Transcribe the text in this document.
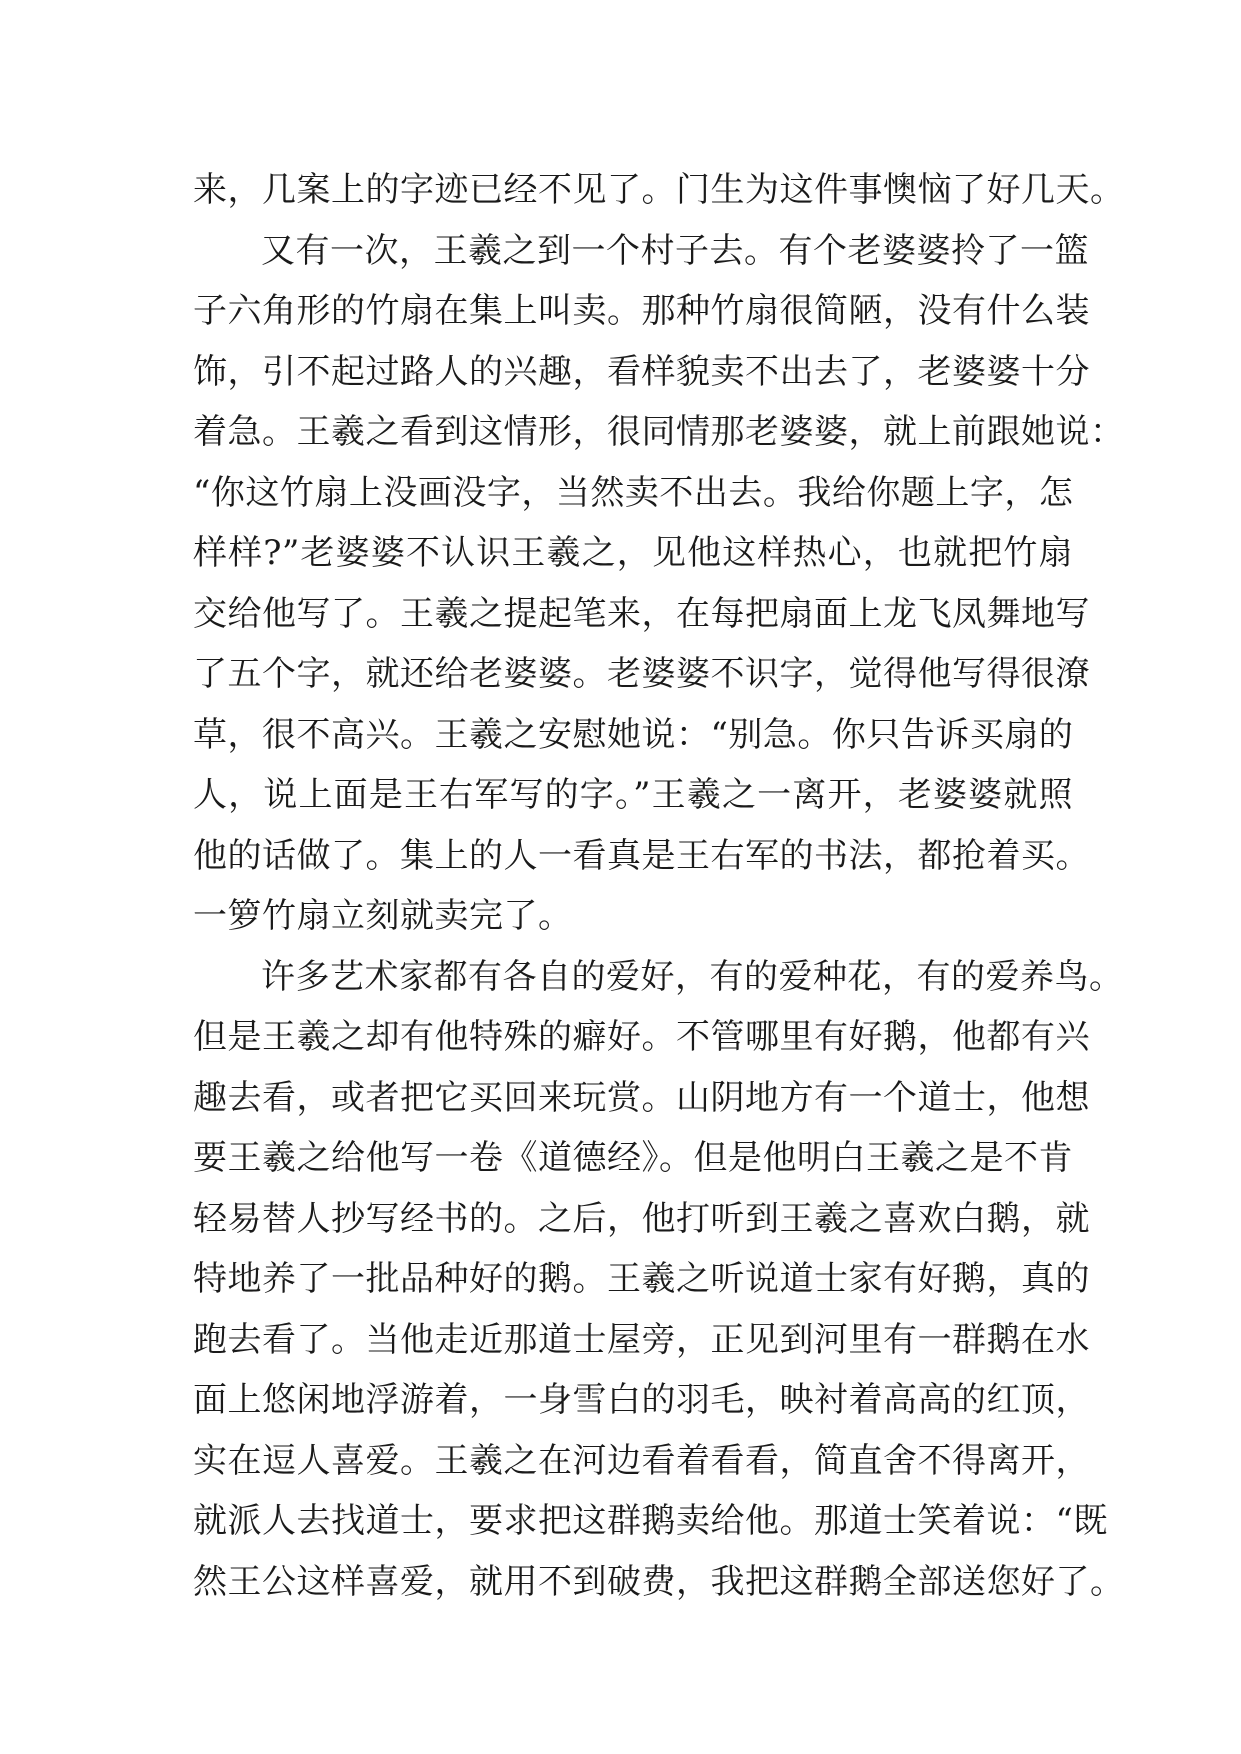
来，几案上的字迹已经不见了。门生为这件事懊恼了好几天。
又有一次，王羲之到一个村子去。有个老婆婆拎了一篮
子六角形的竹扇在集上叫卖。那种竹扇很简陋，没有什么装
饰，引不起过路人的兴趣，看样貌卖不出去了，老婆婆十分
着急。王羲之看到这情形，很同情那老婆婆，就上前跟她说：
“你这竹扇上没画没字，当然卖不出去。我给你题上字，怎
样样?”老婆婆不认识王羲之，见他这样热心，也就把竹扇
交给他写了。王羲之提起笔来，在每把扇面上龙飞凤舞地写
了五个字，就还给老婆婆。老婆婆不识字，觉得他写得很潦
草，很不高兴。王羲之安慰她说：“别急。你只告诉买扇的
人，说上面是王右军写的字。”王羲之一离开，老婆婆就照
他的话做了。集上的人一看真是王右军的书法，都抢着买。
一箩竹扇立刻就卖完了。
许多艺术家都有各自的爱好，有的爱种花，有的爱养鸟。
但是王羲之却有他特殊的癖好。不管哪里有好鹅，他都有兴
趣去看，或者把它买回来玩赏。山阴地方有一个道士，他想
要王羲之给他写一卷《道德经》。但是他明白王羲之是不肯
轻易替人抄写经书的。之后，他打听到王羲之喜欢白鹅，就
特地养了一批品种好的鹅。王羲之听说道士家有好鹅，真的
跑去看了。当他走近那道士屋旁，正见到河里有一群鹅在水
面上悠闲地浮游着，一身雪白的羽毛，映衬着高高的红顶，
实在逗人喜爱。王羲之在河边看着看看，简直舍不得离开，
就派人去找道士，要求把这群鹅卖给他。那道士笑着说：“既
然王公这样喜爱，就用不到破费，我把这群鹅全部送您好了。
